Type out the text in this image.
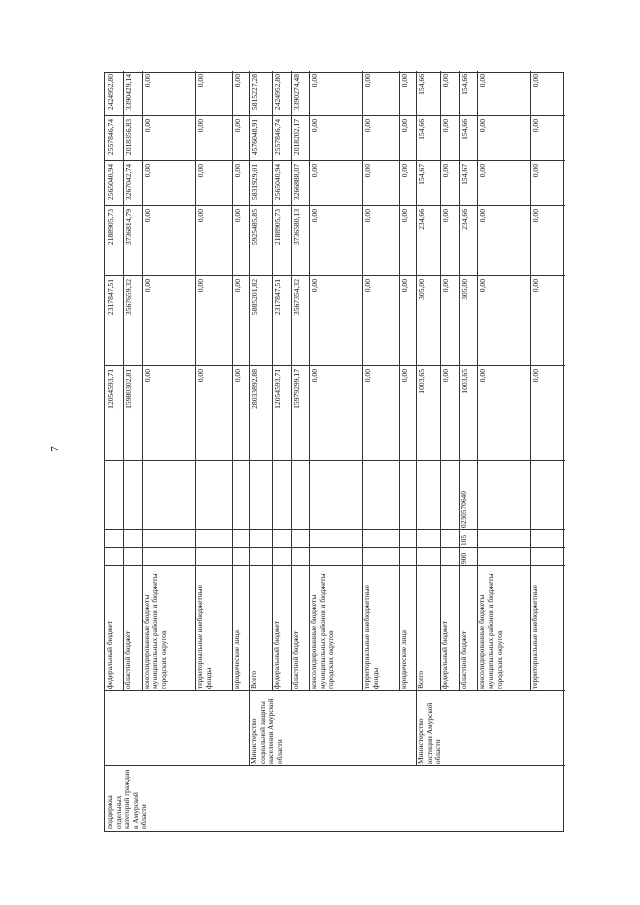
7
поддержка отдельных категорий граждан в Амурской области
федеральный бюджет
12054593,71
2317847,51
2188905,73
2565040,94
2557846,74
2424952,80
областной бюджет
15980302,81
3567659,32
3736814,79
3267042,74
2018356,83
3390429,14
консолидированные бюджеты муниципальных районов и бюджеты городских округов
0,00
0,00
0,00
0,00
0,00
0,00
территориальные внебюджетные фонды
0,00
0,00
0,00
0,00
0,00
0,00
юридические лица
0,00
0,00
0,00
0,00
0,00
0,00
Министерство социальной защиты населения Амурской области
Всего
28033892,88
5885201,82
5925485,85
5831929,01
4576048,91
5815227,28
федеральный бюджет
12054593,71
2317847,51
2188905,73
2565040,94
2557846,74
2424952,80
областной бюджет
15979299,17
3567354,32
3736580,13
3266888,07
2018202,17
3390274,48
консолидированные бюджеты муниципальных районов и бюджеты городских округов
0,00
0,00
0,00
0,00
0,00
0,00
территориальные внебюджетные фонды
0,00
0,00
0,00
0,00
0,00
0,00
юридические лица
0,00
0,00
0,00
0,00
0,00
0,00
Министерство юстиции Амурской области
Всего
1003,65
305,00
234,66
154,67
154,66
154,66
федеральный бюджет
0,00
0,00
0,00
0,00
0,00
0,00
областной бюджет
900
105
0230570640
1003,65
305,00
234,66
154,67
154,66
154,66
консолидированные бюджеты муниципальных районов и бюджеты городских округов
0,00
0,00
0,00
0,00
0,00
0,00
территориальные внебюджетные
0,00
0,00
0,00
0,00
0,00
0,00
